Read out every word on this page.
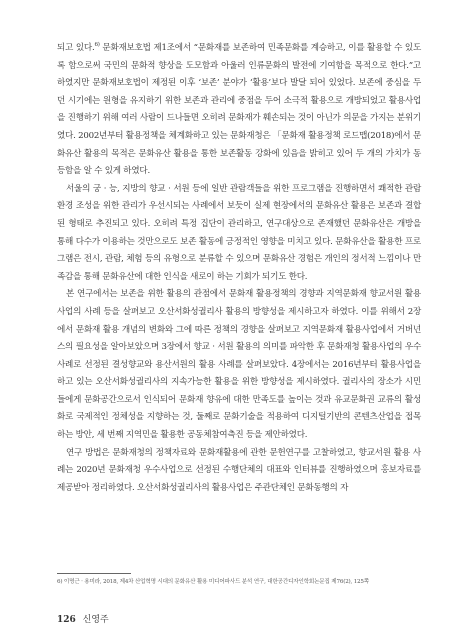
되고 있다.$^{6)}$ 문화재보호법 제1조에서 “문화재를 보존하여 민족문화를 계승하고, 이를 활용할 수 있도록 함으로써 국민의 문화적 향상을 도모함과 아울러 인류문화의 발전에 기여함을 목적으로 한다.”고 하였지만 문화재보호법이 제정된 이후 ‘보존’ 분야가 ‘활용’보다 발달 되어 있었다. 보존에 중심을 두던 시기에는 원형을 유지하기 위한 보존과 관리에 중점을 두어 소극적 활용으로 개방되었고 활용사업을 진행하기 위해 여러 사람이 드나들면 오히려 문화재가 훼손되는 것이 아닌가 의문을 가지는 분위기였다. 2002년부터 활용정책을 체계화하고 있는 문화재청은 「문화재 활용정책 로드맵(2018)에서 문화유산 활용의 목적은 문화유산 활용을 통한 보존활동 강화에 있음을 밝히고 있어 두 개의 가치가 동등함을 알 수 있게 하였다.

서울의 궁 · 능, 지방의 향교 · 서원 등에 일반 관람객들을 위한 프로그램을 진행하면서 쾌적한 관람환경 조성을 위한 관리가 우선시되는 사례에서 보듯이 실제 현장에서의 문화유산 활용은 보존과 결합된 형태로 추진되고 있다. 오히려 특정 집단이 관리하고, 연구대상으로 존재했던 문화유산은 개방을 통해 다수가 이용하는 것만으로도 보존 활동에 긍정적인 영향을 미치고 있다. 문화유산을 활용한 프로그램은 전시, 관람, 체험 등의 유형으로 분류할 수 있으며 문화유산 경험은 개인의 정서적 느낌이나 만족감을 통해 문화유산에 대한 인식을 새로이 하는 기회가 되기도 한다.

본 연구에서는 보존을 위한 활용의 관점에서 문화재 활용정책의 경향과 지역문화재 향교서원 활용사업의 사례 등을 살펴보고 오산서화성궐리사 활용의 방향성을 제시하고자 하였다. 이를 위해서 2장에서 문화재 활용 개념의 변화와 그에 따른 정책의 경향을 살펴보고 지역문화재 활용사업에서 거버넌스의 필요성을 알아보았으며 3장에서 향교 · 서원 활용의 의미를 파악한 후 문화재청 활용사업의 우수사례로 선정된 결성향교와 용산서원의 활용 사례를 살펴보았다. 4장에서는 2016년부터 활용사업을 하고 있는 오산서화성궐리사의 지속가능한 활용을 위한 방향성을 제시하였다. 궐리사의 장소가 시민들에게 문화공간으로서 인식되어 문화재 향유에 대한 만족도를 높이는 것과 유교문화권 교류의 활성화로 국제적인 정체성을 지향하는 것, 둘째로 문화기술을 적용하여 디지털기반의 콘텐츠산업을 접목하는 방안, 세 번째 지역민을 활용한 공동체참여측진 등을 제안하였다.

연구 방법은 문화재청의 정책자료와 문화재활용에 관한 문헌연구를 고찰하였고, 향교서원 활용 사례는 2020년 문화재청 우수사업으로 선정된 수행단체의 대표와 인터뷰를 진행하였으며 홍보자료를 제공받아 정리하였다. 오산서화성궐리사의 활용사업은 주관단체인 문화동행의 자

6) 이명근 · 용미라, 2018, 제4차 산업혁명 시대의 문화유산 활용 미디어파사드 분석 연구, 대한공간디자인학회논문집 제76(2), 125쪽
126 신영주
